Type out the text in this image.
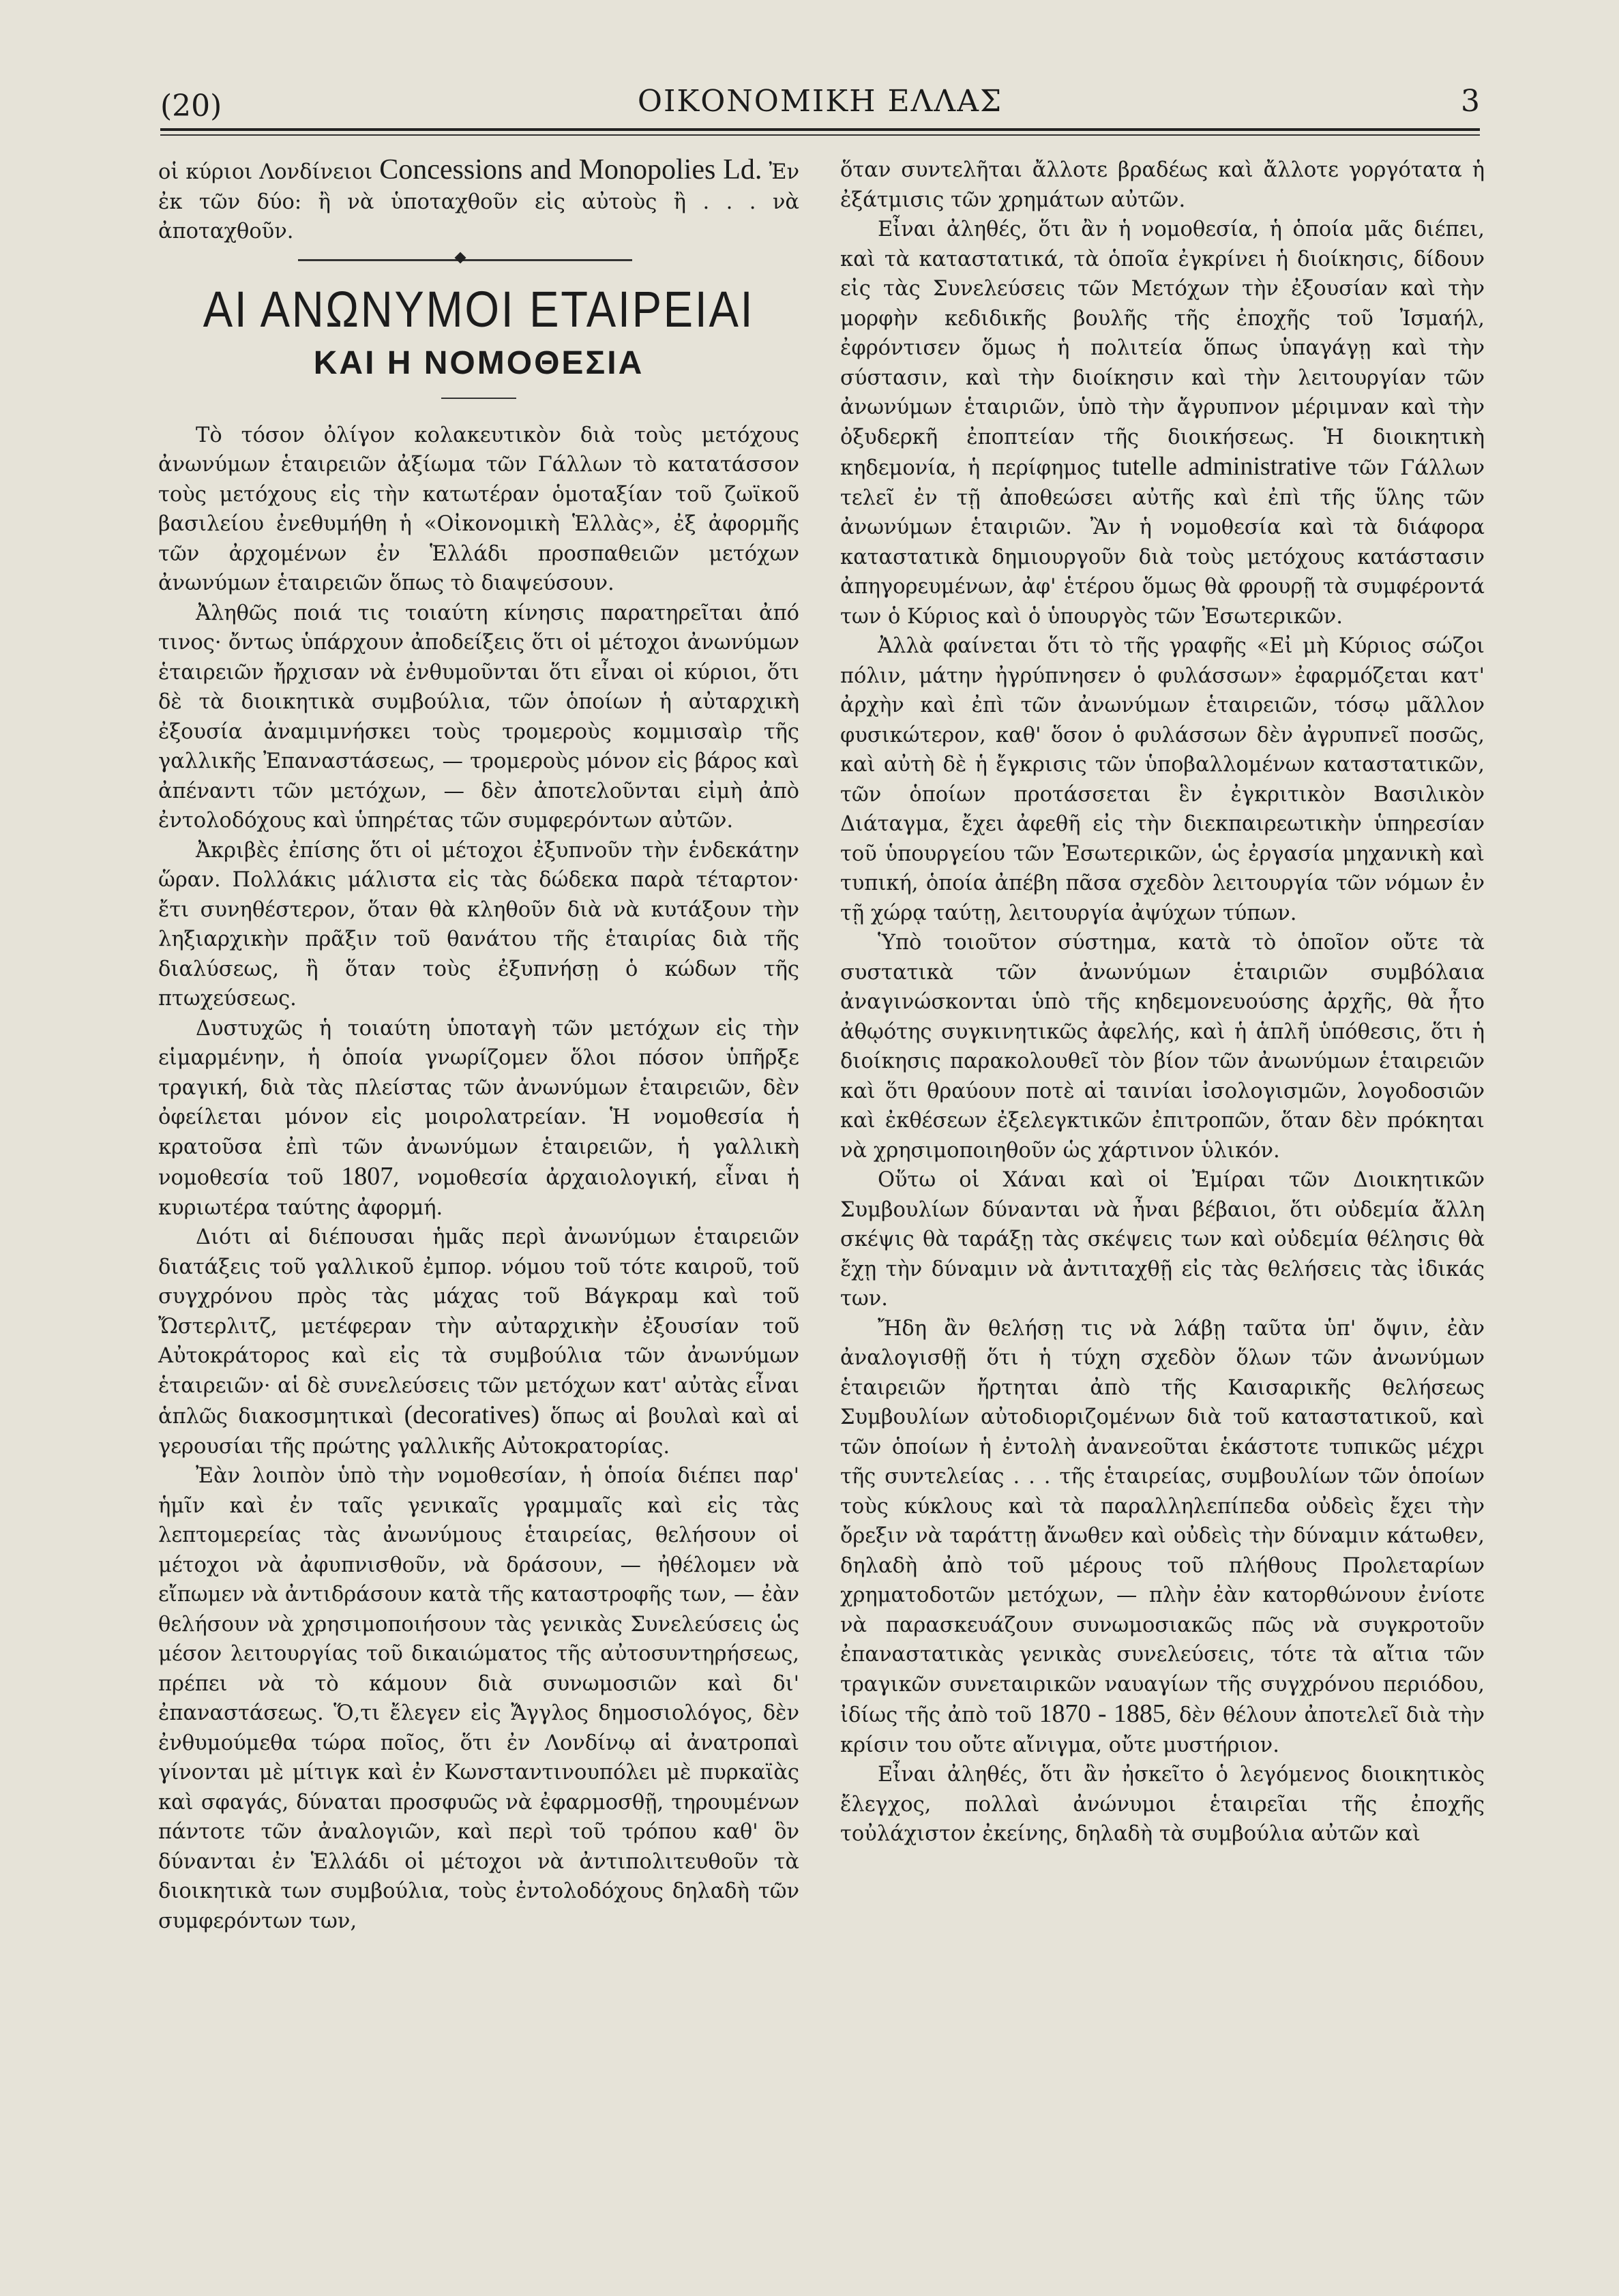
(20)	ΟΙΚΟΝΟΜΙΚΗ ΕΛΛΑΣ	3

οἱ κύριοι Λονδίνειοι Concessions and Monopolies Ld. Ἐν ἐκ τῶν δύο: ἢ νὰ ὑποταχθοῦν εἰς αὐτοὺς ἢ . . . νὰ ἀποταχθοῦν.

ΑΙ ΑΝΩΝΥΜΟΙ ΕΤΑΙΡΕΙΑΙ
ΚΑΙ Η ΝΟΜΟΘΕΣΙΑ

Τὸ τόσον ὀλίγον κολακευτικὸν διὰ τοὺς μετόχους ἀνωνύμων ἑταιρειῶν ἀξίωμα τῶν Γάλλων τὸ κατατάσσον τοὺς μετόχους εἰς τὴν κατωτέραν ὁμοταξίαν τοῦ ζωϊκοῦ βασιλείου ἐνεθυμήθη ἡ «Οἰκονομικὴ Ἑλλὰς», ἐξ ἀφορμῆς τῶν ἀρχομένων ἐν Ἑλλάδι προσπαθειῶν μετόχων ἀνωνύμων ἑταιρειῶν ὅπως τὸ διαψεύσουν.

Ἀληθῶς ποιά τις τοιαύτη κίνησις παρατηρεῖται ἀπό τινος· ὄντως ὑπάρχουν ἀποδείξεις ὅτι οἱ μέτοχοι ἀνωνύμων ἑταιρειῶν ἤρχισαν νὰ ἐνθυμοῦνται ὅτι εἶναι οἱ κύριοι, ὅτι δὲ τὰ διοικητικὰ συμβούλια, τῶν ὁποίων ἡ αὐταρχικὴ ἐξουσία ἀναμιμνήσκει τοὺς τρομεροὺς κομμισαὶρ τῆς γαλλικῆς Ἐπαναστάσεως, — τρομεροὺς μόνον εἰς βάρος καὶ ἀπέναντι τῶν μετόχων, — δὲν ἀποτελοῦνται εἰμὴ ἀπὸ ἐντολοδόχους καὶ ὑπηρέτας τῶν συμφερόντων αὐτῶν.

Ἀκριβὲς ἐπίσης ὅτι οἱ μέτοχοι ἐξυπνοῦν τὴν ἑνδεκάτην ὥραν. Πολλάκις μάλιστα εἰς τὰς δώδεκα παρὰ τέταρτον· ἔτι συνηθέστερον, ὅταν θὰ κληθοῦν διὰ νὰ κυτάξουν τὴν ληξιαρχικὴν πρᾶξιν τοῦ θανάτου τῆς ἑταιρίας διὰ τῆς διαλύσεως, ἢ ὅταν τοὺς ἐξυπνήσῃ ὁ κώδων τῆς πτωχεύσεως.

Δυστυχῶς ἡ τοιαύτη ὑποταγὴ τῶν μετόχων εἰς τὴν εἱμαρμένην, ἡ ὁποία γνωρίζομεν ὅλοι πόσον ὑπῆρξε τραγική, διὰ τὰς πλείστας τῶν ἀνωνύμων ἑταιρειῶν, δὲν ὀφείλεται μόνον εἰς μοιρολατρείαν. Ἡ νομοθεσία ἡ κρατοῦσα ἐπὶ τῶν ἀνωνύμων ἑταιρειῶν, ἡ γαλλικὴ νομοθεσία τοῦ 1807, νομοθεσία ἀρχαιολογική, εἶναι ἡ κυριωτέρα ταύτης ἀφορμή.

Διότι αἱ διέπουσαι ἡμᾶς περὶ ἀνωνύμων ἑταιρειῶν διατάξεις τοῦ γαλλικοῦ ἐμπορ. νόμου τοῦ τότε καιροῦ, τοῦ συγχρόνου πρὸς τὰς μάχας τοῦ Βάγκραμ καὶ τοῦ Ὤστερλιτζ, μετέφεραν τὴν αὐταρχικὴν ἐξουσίαν τοῦ Αὐτοκράτορος καὶ εἰς τὰ συμβούλια τῶν ἀνωνύμων ἑταιρειῶν· αἱ δὲ συνελεύσεις τῶν μετόχων κατ' αὐτὰς εἶναι ἁπλῶς διακοσμητικαὶ (decoratives) ὅπως αἱ βουλαὶ καὶ αἱ γερουσίαι τῆς πρώτης γαλλικῆς Αὐτοκρατορίας.

Ἐὰν λοιπὸν ὑπὸ τὴν νομοθεσίαν, ἡ ὁποία διέπει παρ' ἡμῖν καὶ ἐν ταῖς γενικαῖς γραμμαῖς καὶ εἰς τὰς λεπτομερείας τὰς ἀνωνύμους ἑταιρείας, θελήσουν οἱ μέτοχοι νὰ ἀφυπνισθοῦν, νὰ δράσουν, — ἠθέλομεν νὰ εἴπωμεν νὰ ἀντιδράσουν κατὰ τῆς καταστροφῆς των, — ἐὰν θελήσουν νὰ χρησιμοποιήσουν τὰς γενικὰς Συνελεύσεις ὡς μέσον λειτουργίας τοῦ δικαιώματος τῆς αὐτοσυντηρήσεως, πρέπει νὰ τὸ κάμουν διὰ συνωμοσιῶν καὶ δι' ἐπαναστάσεως. Ὅ,τι ἔλεγεν εἰς Ἄγγλος δημοσιολόγος, δὲν ἐνθυμούμεθα τώρα ποῖος, ὅτι ἐν Λονδίνῳ αἱ ἀνατροπαὶ γίνονται μὲ μίτιγκ καὶ ἐν Κωνσταντινουπόλει μὲ πυρκαϊὰς καὶ σφαγάς, δύναται προσφυῶς νὰ ἐφαρμοσθῇ, τηρουμένων πάντοτε τῶν ἀναλογιῶν, καὶ περὶ τοῦ τρόπου καθ' ὃν δύνανται ἐν Ἑλλάδι οἱ μέτοχοι νὰ ἀντιπολιτευθοῦν τὰ διοικητικὰ των συμβούλια, τοὺς ἐντολοδόχους δηλαδὴ τῶν συμφερόντων των,

ὅταν συντελῆται ἄλλοτε βραδέως καὶ ἄλλοτε γοργότατα ἡ ἐξάτμισις τῶν χρημάτων αὐτῶν.

Εἶναι ἀληθές, ὅτι ἂν ἡ νομοθεσία, ἡ ὁποία μᾶς διέπει, καὶ τὰ καταστατικά, τὰ ὁποῖα ἐγκρίνει ἡ διοίκησις, δίδουν εἰς τὰς Συνελεύσεις τῶν Μετόχων τὴν ἐξουσίαν καὶ τὴν μορφὴν κεδιδικῆς βουλῆς τῆς ἐποχῆς τοῦ Ἰσμαήλ, ἐφρόντισεν ὅμως ἡ πολιτεία ὅπως ὑπαγάγῃ καὶ τὴν σύστασιν, καὶ τὴν διοίκησιν καὶ τὴν λειτουργίαν τῶν ἀνωνύμων ἑταιριῶν, ὑπὸ τὴν ἄγρυπνον μέριμναν καὶ τὴν ὀξυδερκῆ ἐποπτείαν τῆς διοικήσεως. Ἡ διοικητικὴ κηδεμονία, ἡ περίφημος tutelle administrative τῶν Γάλλων τελεῖ ἐν τῇ ἀποθεώσει αὐτῆς καὶ ἐπὶ τῆς ὕλης τῶν ἀνωνύμων ἑταιριῶν. Ἂν ἡ νομοθεσία καὶ τὰ διάφορα καταστατικὰ δημιουργοῦν διὰ τοὺς μετόχους κατάστασιν ἀπηγορευμένων, ἀφ' ἑτέρου ὅμως θὰ φρουρῇ τὰ συμφέροντά των ὁ Κύριος καὶ ὁ ὑπουργὸς τῶν Ἐσωτερικῶν.

Ἀλλὰ φαίνεται ὅτι τὸ τῆς γραφῆς «Εἰ μὴ Κύριος σώζοι πόλιν, μάτην ἠγρύπνησεν ὁ φυλάσσων» ἐφαρμόζεται κατ' ἀρχὴν καὶ ἐπὶ τῶν ἀνωνύμων ἑταιρειῶν, τόσῳ μᾶλλον φυσικώτερον, καθ' ὅσον ὁ φυλάσσων δὲν ἀγρυπνεῖ ποσῶς, καὶ αὐτὴ δὲ ἡ ἔγκρισις τῶν ὑποβαλλομένων καταστατικῶν, τῶν ὁποίων προτάσσεται ἓν ἐγκριτικὸν Βασιλικὸν Διάταγμα, ἔχει ἀφεθῆ εἰς τὴν διεκπαιρεωτικὴν ὑπηρεσίαν τοῦ ὑπουργείου τῶν Ἐσωτερικῶν, ὡς ἐργασία μηχανικὴ καὶ τυπική, ὁποία ἀπέβη πᾶσα σχεδὸν λειτουργία τῶν νόμων ἐν τῇ χώρᾳ ταύτῃ, λειτουργία ἀψύχων τύπων.

Ὑπὸ τοιοῦτον σύστημα, κατὰ τὸ ὁποῖον οὔτε τὰ συστατικὰ τῶν ἀνωνύμων ἑταιριῶν συμβόλαια ἀναγινώσκονται ὑπὸ τῆς κηδεμονευούσης ἀρχῆς, θὰ ἦτο ἀθῳότης συγκινητικῶς ἀφελής, καὶ ἡ ἁπλῆ ὑπόθεσις, ὅτι ἡ διοίκησις παρακολουθεῖ τὸν βίον τῶν ἀνωνύμων ἑταιρειῶν καὶ ὅτι θραύουν ποτὲ αἱ ταινίαι ἰσολογισμῶν, λογοδοσιῶν καὶ ἐκθέσεων ἐξελεγκτικῶν ἐπιτροπῶν, ὅταν δὲν πρόκηται νὰ χρησιμοποιηθοῦν ὡς χάρτινον ὑλικόν.

Οὕτω οἱ Χάναι καὶ οἱ Ἐμίραι τῶν Διοικητικῶν Συμβουλίων δύνανται νὰ ἦναι βέβαιοι, ὅτι οὐδεμία ἄλλη σκέψις θὰ ταράξῃ τὰς σκέψεις των καὶ οὐδεμία θέλησις θὰ ἔχῃ τὴν δύναμιν νὰ ἀντιταχθῇ εἰς τὰς θελήσεις τὰς ἰδικάς των.

Ἤδη ἂν θελήσῃ τις νὰ λάβῃ ταῦτα ὑπ' ὄψιν, ἐὰν ἀναλογισθῇ ὅτι ἡ τύχη σχεδὸν ὅλων τῶν ἀνωνύμων ἑταιρειῶν ἤρτηται ἀπὸ τῆς Καισαρικῆς θελήσεως Συμβουλίων αὐτοδιοριζομένων διὰ τοῦ καταστατικοῦ, καὶ τῶν ὁποίων ἡ ἐντολὴ ἀνανεοῦται ἑκάστοτε τυπικῶς μέχρι τῆς συντελείας . . . τῆς ἑταιρείας, συμβουλίων τῶν ὁποίων τοὺς κύκλους καὶ τὰ παραλληλεπίπεδα οὐδεὶς ἔχει τὴν ὄρεξιν νὰ ταράττῃ ἄνωθεν καὶ οὐδεὶς τὴν δύναμιν κάτωθεν, δηλαδὴ ἀπὸ τοῦ μέρους τοῦ πλήθους Προλεταρίων χρηματοδοτῶν μετόχων, — πλὴν ἐὰν κατορθώνουν ἐνίοτε νὰ παρασκευάζουν συνωμοσιακῶς πῶς νὰ συγκροτοῦν ἐπαναστατικὰς γενικὰς συνελεύσεις, τότε τὰ αἴτια τῶν τραγικῶν συνεταιρικῶν ναυαγίων τῆς συγχρόνου περιόδου, ἰδίως τῆς ἀπὸ τοῦ 1870 - 1885, δὲν θέλουν ἀποτελεῖ διὰ τὴν κρίσιν του οὔτε αἴνιγμα, οὔτε μυστήριον.

Εἶναι ἀληθές, ὅτι ἂν ἠσκεῖτο ὁ λεγόμενος διοικητικὸς ἔλεγχος, πολλαὶ ἀνώνυμοι ἑταιρεῖαι τῆς ἐποχῆς τοὐλάχιστον ἐκείνης, δηλαδὴ τὰ συμβούλια αὐτῶν καὶ
